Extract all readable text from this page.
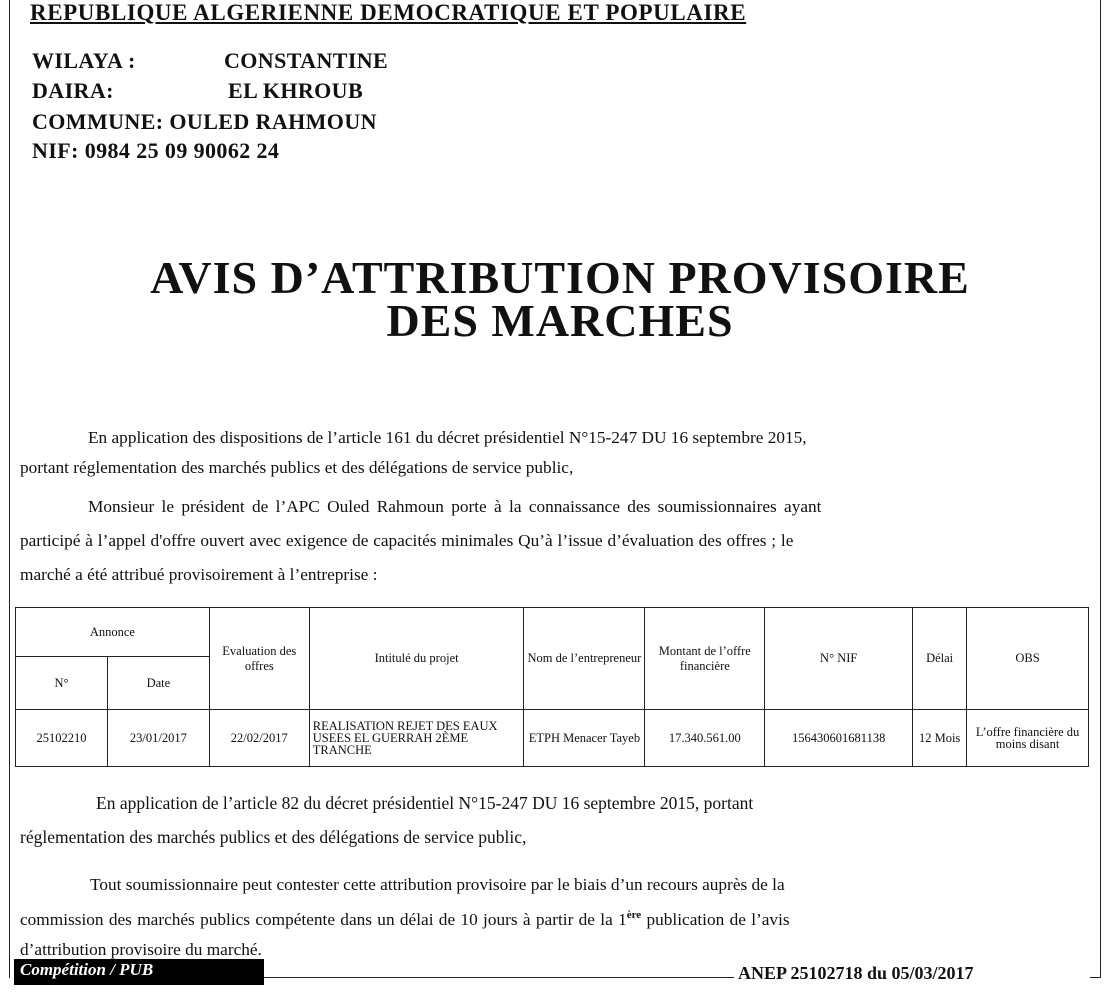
REPUBLIQUE ALGERIENNE DEMOCRATIQUE ET POPULAIRE
WILAYA :	CONSTANTINE
DAIRA:	EL KHROUB
COMMUNE: OULED RAHMOUN
NIF: 0984 25 09 90062 24
AVIS D’ATTRIBUTION PROVISOIRE
DES MARCHES
En application des dispositions de l’article 161 du décret présidentiel N°15-247 DU 16 septembre 2015,
portant réglementation des marchés publics et des délégations de service public,
Monsieur le président de l’APC Ouled Rahmoun porte à la connaissance des soumissionnaires ayant
participé à l’appel d'offre ouvert avec exigence de capacités minimales Qu’à l’issue d’évaluation des offres ; le
marché a été attribué provisoirement à l’entreprise :
Annonce		Evaluation des offres	Intitulé du projet	Nom de l’entrepreneur	Montant de l’offre financière	N° NIF	Délai	OBS
N°	Date							
25102210	23/01/2017	22/02/2017	REALISATION REJET DES EAUX USEES EL GUERRAH 2ÈME TRANCHE	ETPH Menacer Tayeb	17.340.561.00	156430601681138	12 Mois	L’offre financière du moins disant
En application de l’article 82 du décret présidentiel N°15-247 DU 16 septembre 2015, portant
réglementation des marchés publics et des délégations de service public,
Tout soumissionnaire peut contester cette attribution provisoire par le biais d’un recours auprès de la
commission des marchés publics compétente dans un délai de 10 jours à partir de la 1ère publication de l’avis
d’attribution provisoire du marché.
Compétition / PUB	ANEP 25102718 du 05/03/2017
